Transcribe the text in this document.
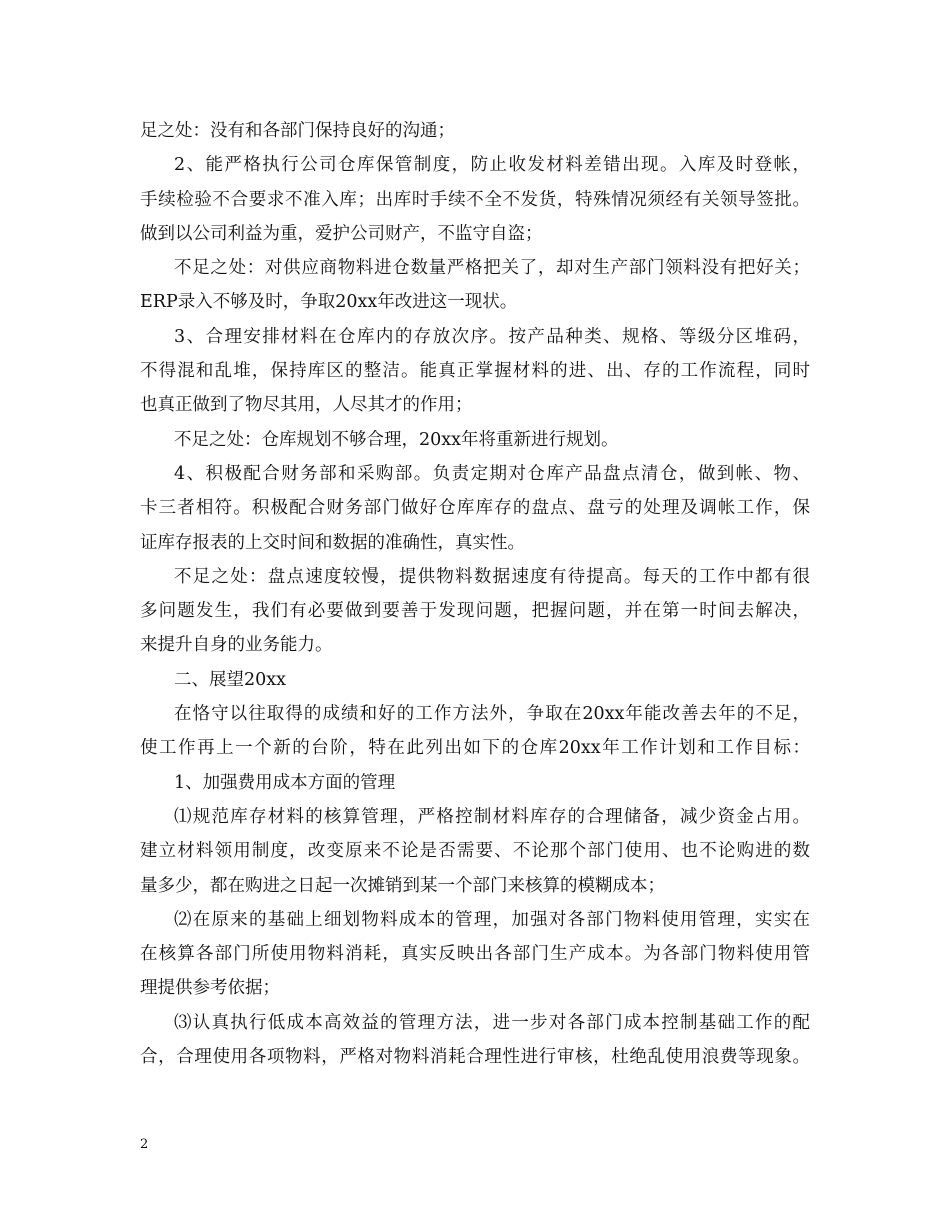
足之处：没有和各部门保持良好的沟通；
2、能严格执行公司仓库保管制度，防止收发材料差错出现。入库及时登帐，
手续检验不合要求不准入库；出库时手续不全不发货，特殊情况须经有关领导签批。
做到以公司利益为重，爱护公司财产，不监守自盗；
不足之处：对供应商物料进仓数量严格把关了，却对生产部门领料没有把好关；
ERP录入不够及时，争取20xx年改进这一现状。
3、合理安排材料在仓库内的存放次序。按产品种类、规格、等级分区堆码，
不得混和乱堆，保持库区的整洁。能真正掌握材料的进、出、存的工作流程，同时
也真正做到了物尽其用，人尽其才的作用；
不足之处：仓库规划不够合理，20xx年将重新进行规划。
4、积极配合财务部和采购部。负责定期对仓库产品盘点清仓，做到帐、物、
卡三者相符。积极配合财务部门做好仓库库存的盘点、盘亏的处理及调帐工作，保
证库存报表的上交时间和数据的准确性，真实性。
不足之处：盘点速度较慢，提供物料数据速度有待提高。每天的工作中都有很
多问题发生，我们有必要做到要善于发现问题，把握问题，并在第一时间去解决，
来提升自身的业务能力。
二、展望20xx
在恪守以往取得的成绩和好的工作方法外，争取在20xx年能改善去年的不足，
使工作再上一个新的台阶，特在此列出如下的仓库20xx年工作计划和工作目标：
1、加强费用成本方面的管理
⑴规范库存材料的核算管理，严格控制材料库存的合理储备，减少资金占用。
建立材料领用制度，改变原来不论是否需要、不论那个部门使用、也不论购进的数
量多少，都在购进之日起一次摊销到某一个部门来核算的模糊成本；
⑵在原来的基础上细划物料成本的管理，加强对各部门物料使用管理，实实在
在核算各部门所使用物料消耗，真实反映出各部门生产成本。为各部门物料使用管
理提供参考依据；
⑶认真执行低成本高效益的管理方法，进一步对各部门成本控制基础工作的配
合，合理使用各项物料，严格对物料消耗合理性进行审核，杜绝乱使用浪费等现象。
2
